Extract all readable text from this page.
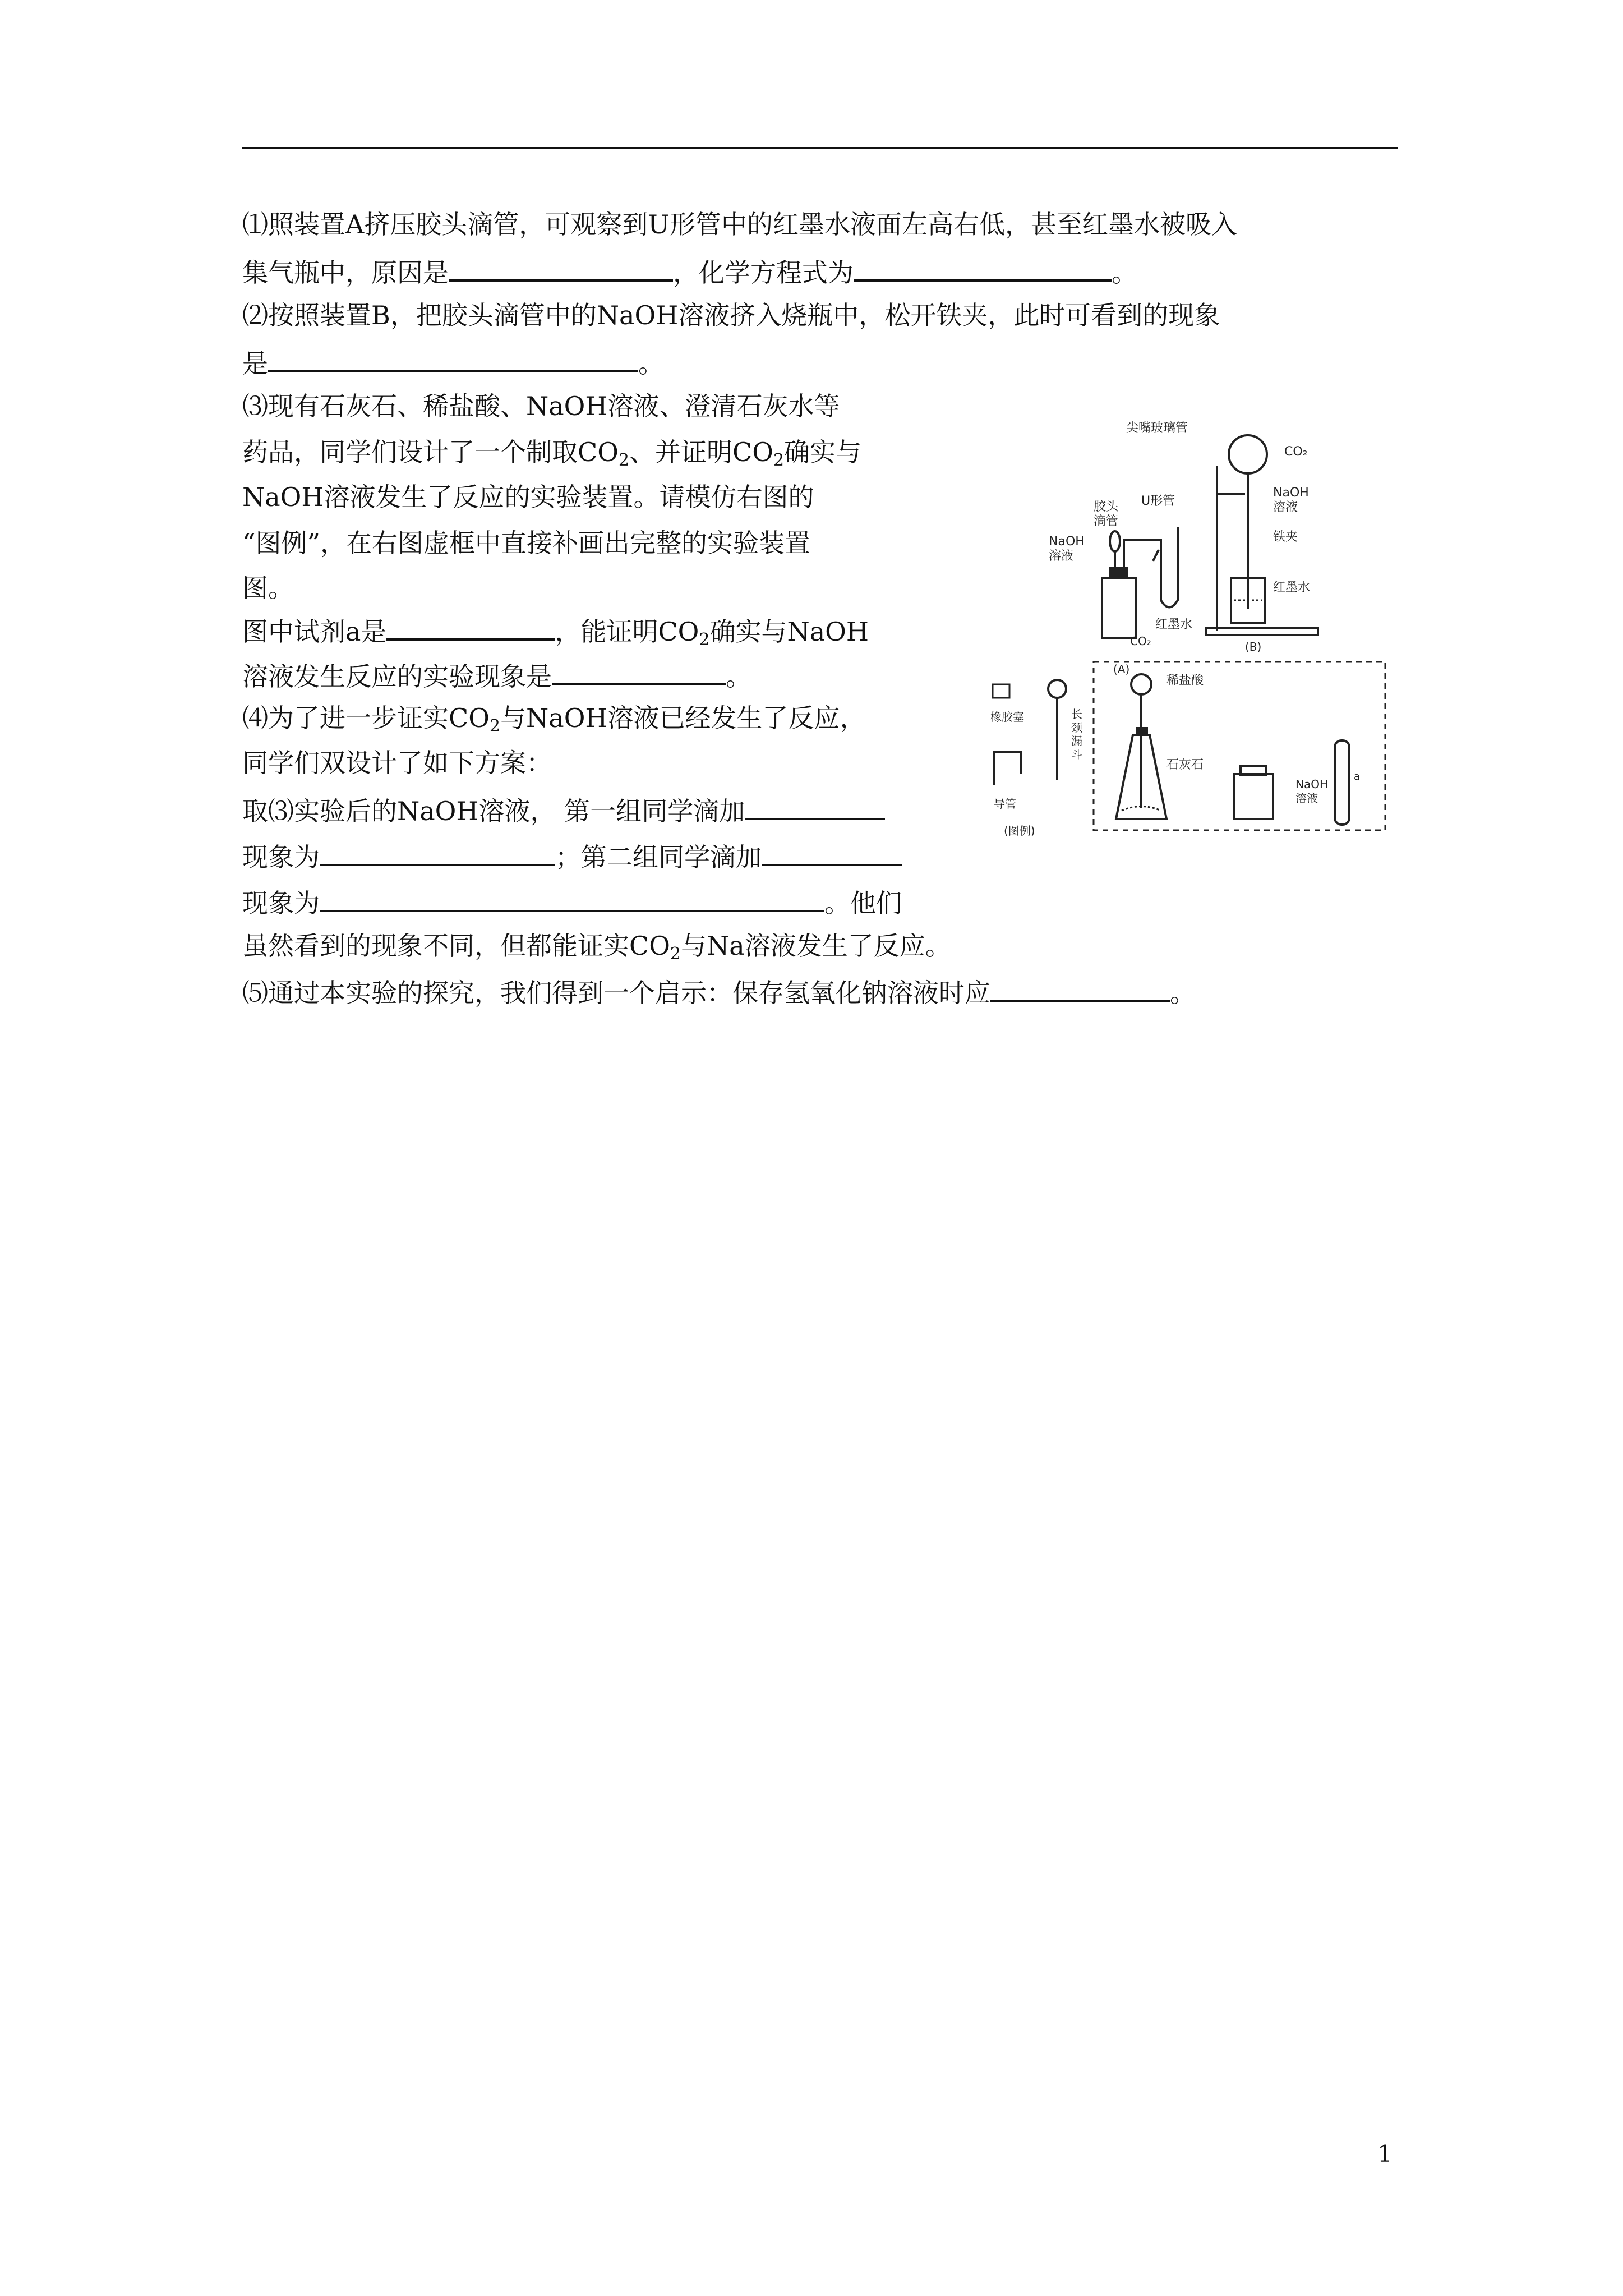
⑴照装置A挤压胶头滴管，可观察到U形管中的红墨水液面左高右低，甚至红墨水被吸入
集气瓶中，原因是	，化学方程式为	。
⑵按照装置B，把胶头滴管中的NaOH溶液挤入烧瓶中，松开铁夹，此时可看到的现象
是	。
⑶现有石灰石、稀盐酸、NaOH溶液、澄清石灰水等
药品，同学们设计了一个制取$CO_2$、并证明$CO_2$确实与
NaOH溶液发生了反应的实验装置。请模仿右图的
“图例”，在右图虚框中直接补画出完整的实验装置
图。
图中试剂a是	，能证明$CO_2$确实与NaOH
溶液发生反应的实验现象是	。
⑷为了进一步证实$CO_2$与NaOH溶液已经发生了反应，
同学们双设计了如下方案：
取⑶实验后的NaOH溶液， 第一组同学滴加
现象为	；第二组同学滴加
现象为	。他们
虽然看到的现象不同，但都能证实$CO_2$与Na溶液发生了反应。
⑸通过本实验的探究，我们得到一个启示：保存氢氧化钠溶液时应	。
胶头
滴管
NaOH
溶液
U形管
红墨水
CO₂
(A)
尖嘴玻璃管
CO₂
NaOH
溶液
铁夹
红墨水
(B)
橡胶塞	长
颈
漏
斗
导管
(图例)
稀盐酸
石灰石
NaOH
溶液
a
1
